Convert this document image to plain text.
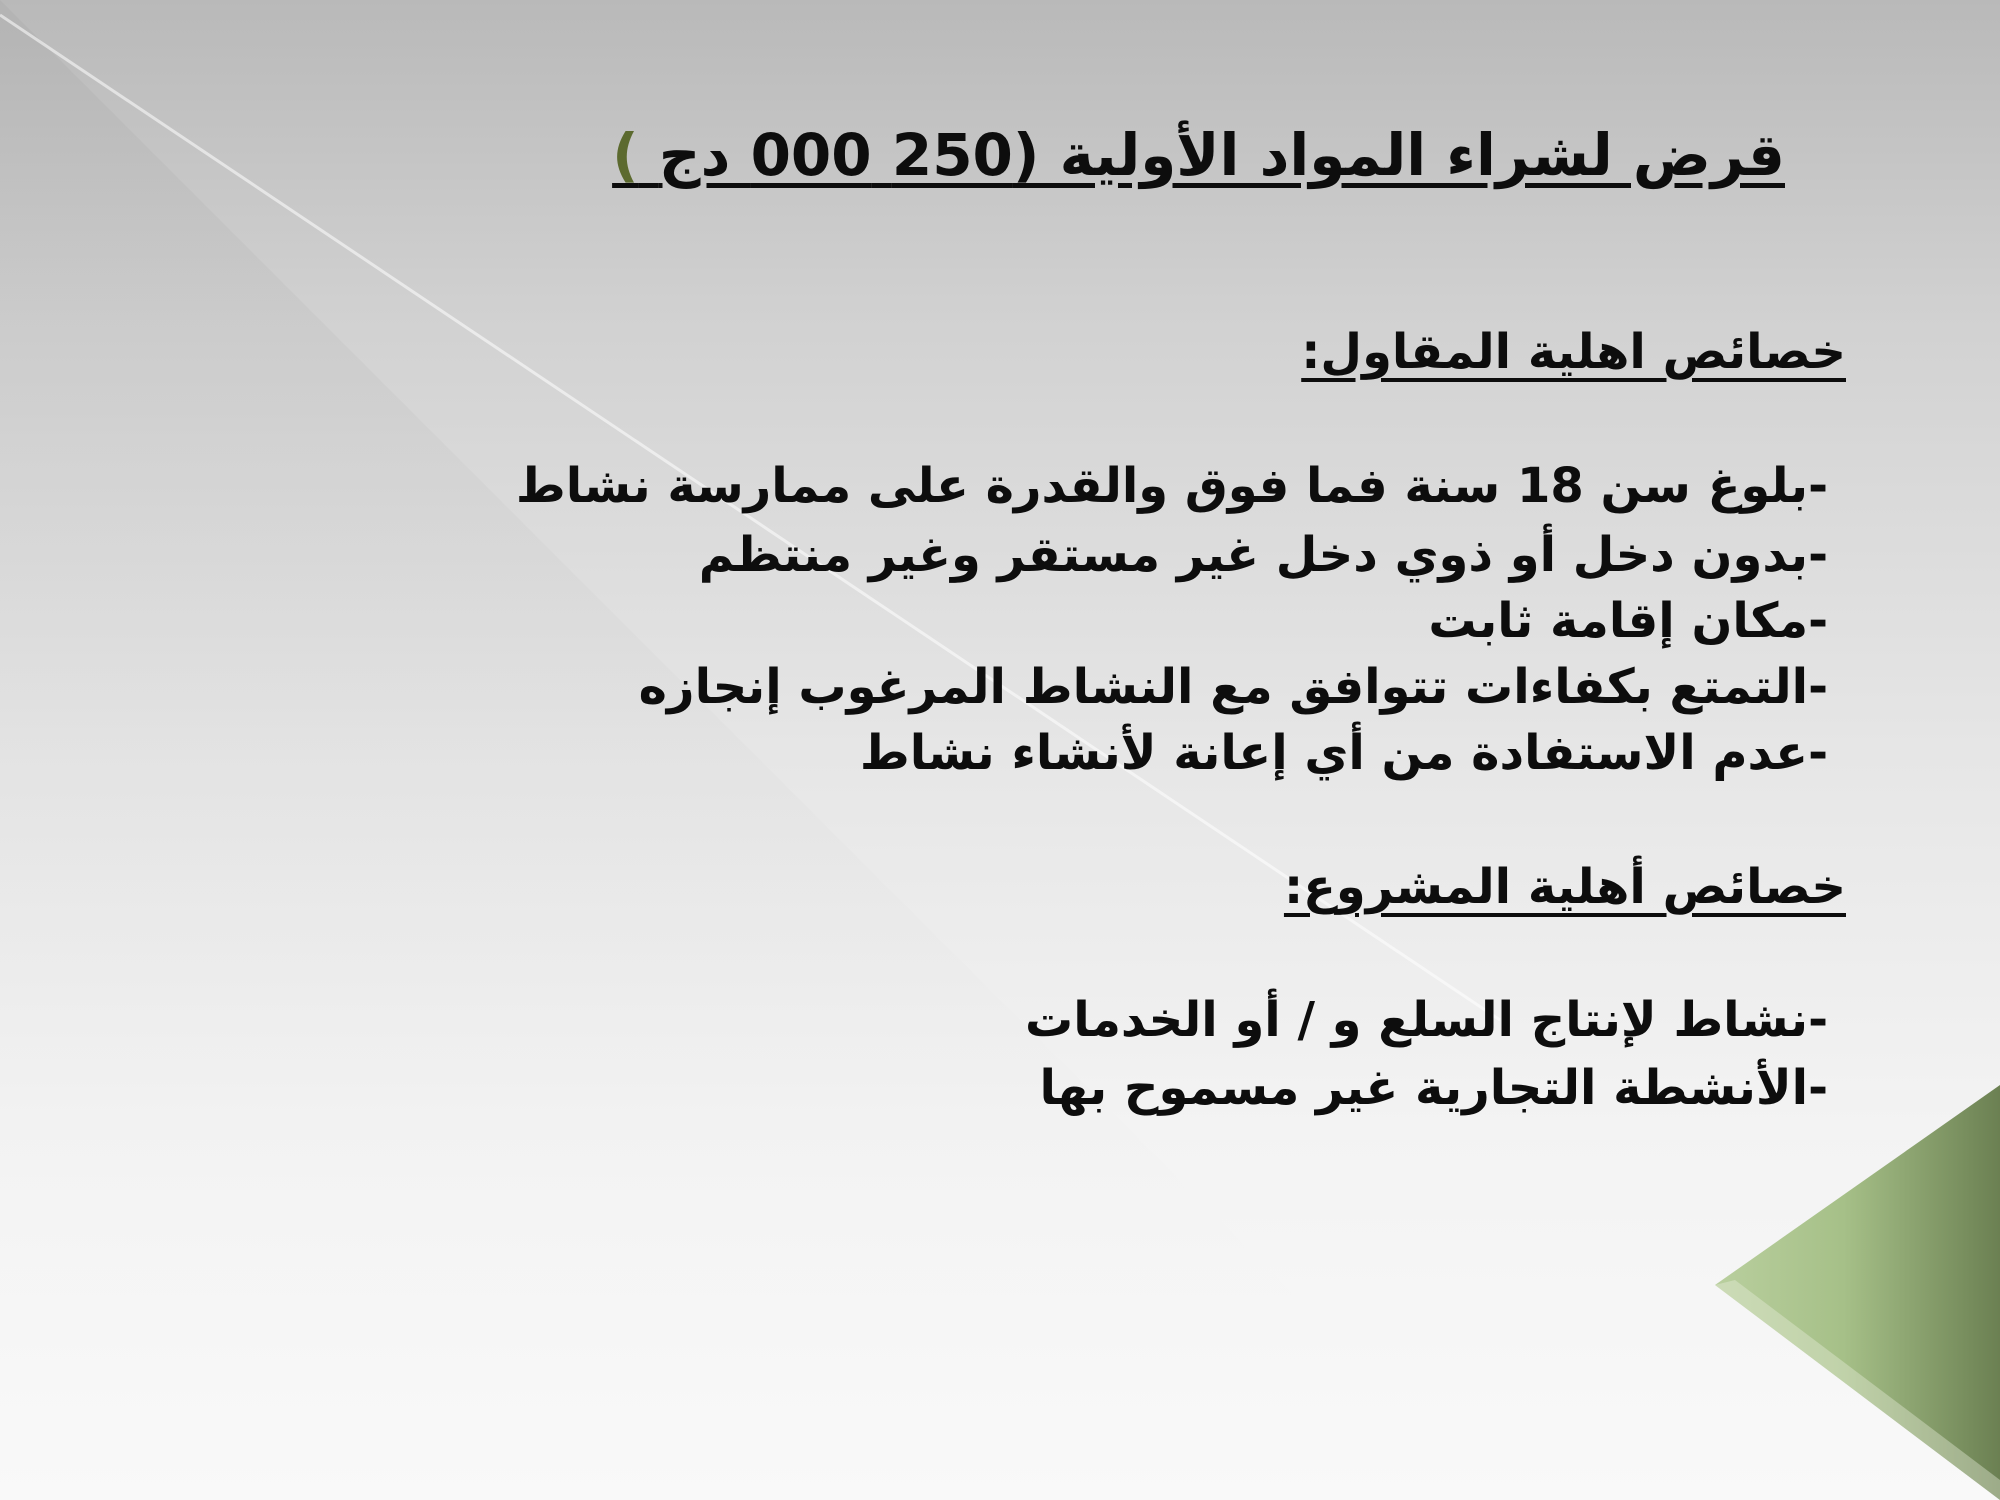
قرض لشراء المواد الأولية (250 000 دج )

خصائص اهلية المقاول:

-بلوغ سن 18 سنة فما فوق والقدرة على ممارسة نشاط

-بدون دخل أو ذوي دخل غير مستقر وغير منتظم

-مكان إقامة ثابت

-التمتع بكفاءات تتوافق مع النشاط المرغوب إنجازه

-عدم الاستفادة من أي إعانة لأنشاء نشاط

خصائص أهلية المشروع:

-نشاط لإنتاج السلع و / أو الخدمات

-الأنشطة التجارية غير مسموح بها
